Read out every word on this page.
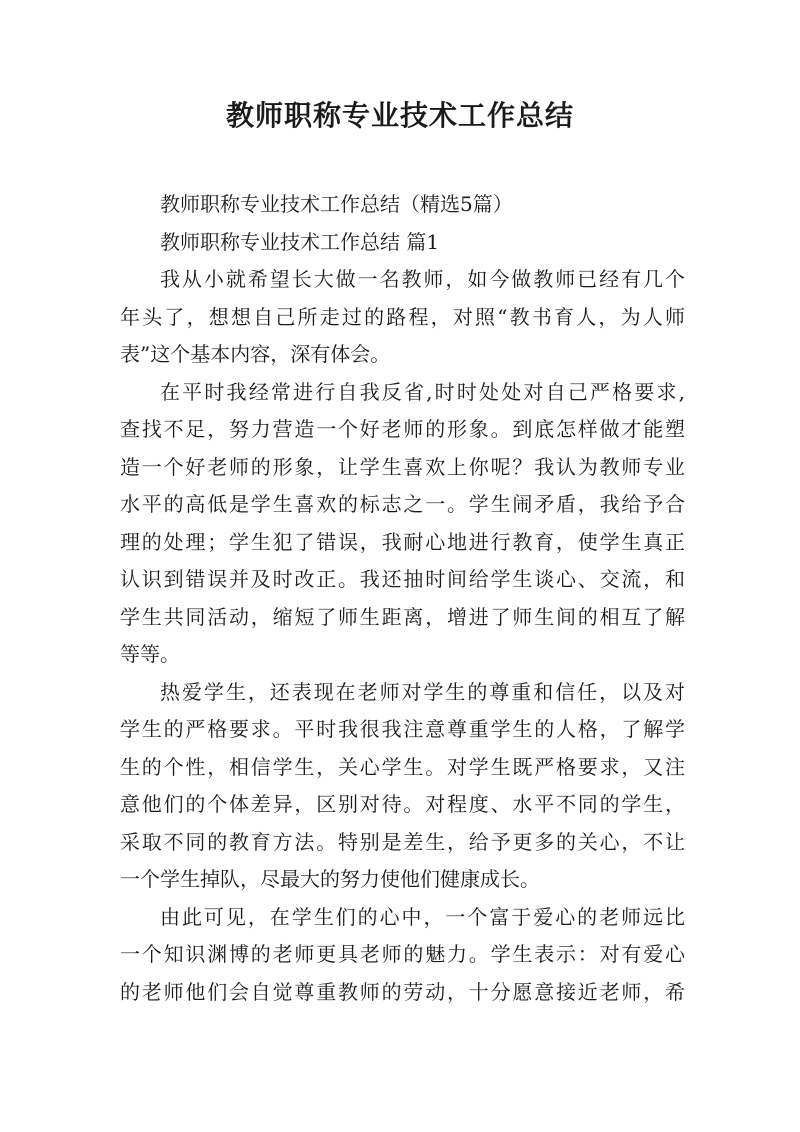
教师职称专业技术工作总结

教师职称专业技术工作总结（精选5篇）

教师职称专业技术工作总结 篇1

我从小就希望长大做一名教师，如今做教师已经有几个

年头了，想想自己所走过的路程，对照“教书育人，为人师

表”这个基本内容，深有体会。

在平时我经常进行自我反省,时时处处对自己严格要求,

查找不足，努力营造一个好老师的形象。到底怎样做才能塑

造一个好老师的形象，让学生喜欢上你呢？我认为教师专业

水平的高低是学生喜欢的标志之一。学生闹矛盾，我给予合

理的处理；学生犯了错误，我耐心地进行教育，使学生真正

认识到错误并及时改正。我还抽时间给学生谈心、交流，和

学生共同活动，缩短了师生距离，增进了师生间的相互了解

等等。

热爱学生，还表现在老师对学生的尊重和信任，以及对

学生的严格要求。平时我很我注意尊重学生的人格，了解学

生的个性，相信学生，关心学生。对学生既严格要求，又注

意他们的个体差异，区别对待。对程度、水平不同的学生，

采取不同的教育方法。特别是差生，给予更多的关心，不让

一个学生掉队，尽最大的努力使他们健康成长。

由此可见，在学生们的心中，一个富于爱心的老师远比

一个知识渊博的老师更具老师的魅力。学生表示：对有爱心

的老师他们会自觉尊重教师的劳动，十分愿意接近老师，希
